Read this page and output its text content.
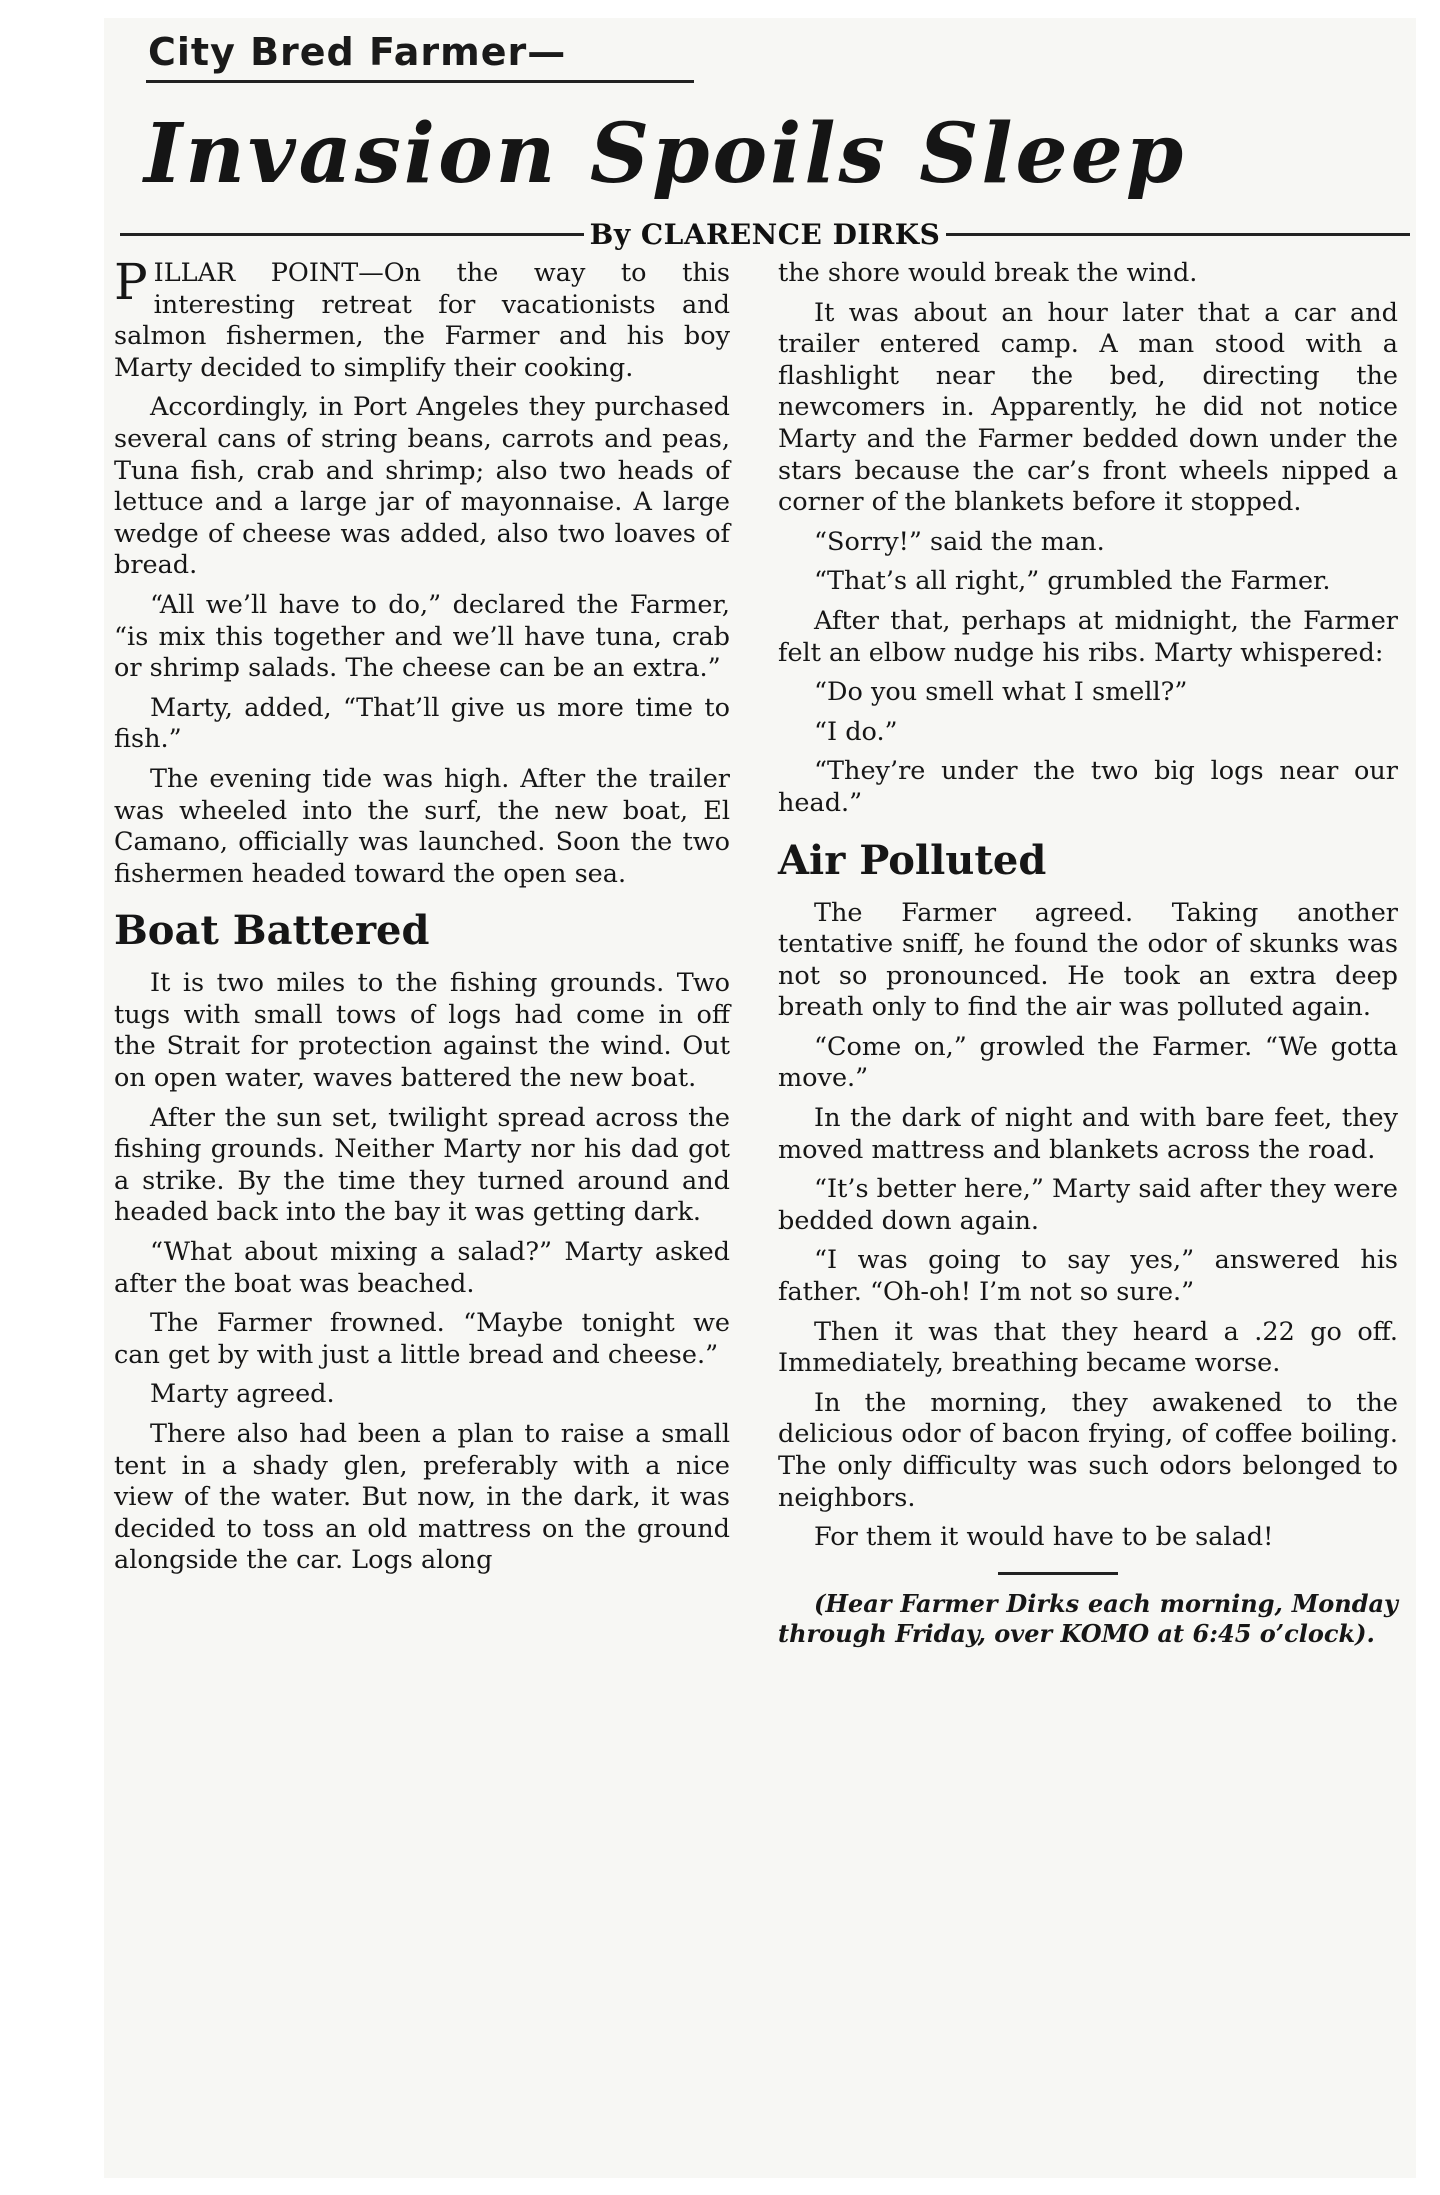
City Bred Farmer—
Invasion Spoils Sleep
By CLARENCE DIRKS

PILLAR POINT—On the way to this interesting retreat for vacationists and salmon fishermen, the Farmer and his boy Marty decided to simplify their cooking.

Accordingly, in Port Angeles they purchased several cans of string beans, carrots and peas, Tuna fish, crab and shrimp; also two heads of lettuce and a large jar of mayonnaise. A large wedge of cheese was added, also two loaves of bread.

“All we’ll have to do,” declared the Farmer, “is mix this together and we’ll have tuna, crab or shrimp salads. The cheese can be an extra.”

Marty, added, “That’ll give us more time to fish.”

The evening tide was high. After the trailer was wheeled into the surf, the new boat, El Camano, officially was launched. Soon the two fishermen headed toward the open sea.

Boat Battered

It is two miles to the fishing grounds. Two tugs with small tows of logs had come in off the Strait for protection against the wind. Out on open water, waves battered the new boat.

After the sun set, twilight spread across the fishing grounds. Neither Marty nor his dad got a strike. By the time they turned around and headed back into the bay it was getting dark.

“What about mixing a salad?” Marty asked after the boat was beached.

The Farmer frowned. “Maybe tonight we can get by with just a little bread and cheese.”

Marty agreed.

There also had been a plan to raise a small tent in a shady glen, preferably with a nice view of the water. But now, in the dark, it was decided to toss an old mattress on the ground alongside the car. Logs along

the shore would break the wind.

It was about an hour later that a car and trailer entered camp. A man stood with a flashlight near the bed, directing the newcomers in. Apparently, he did not notice Marty and the Farmer bedded down under the stars because the car’s front wheels nipped a corner of the blankets before it stopped.

“Sorry!” said the man.

“That’s all right,” grumbled the Farmer.

After that, perhaps at midnight, the Farmer felt an elbow nudge his ribs. Marty whispered:

“Do you smell what I smell?”

“I do.”

“They’re under the two big logs near our head.”

Air Polluted

The Farmer agreed. Taking another tentative sniff, he found the odor of skunks was not so pronounced. He took an extra deep breath only to find the air was polluted again.

“Come on,” growled the Farmer. “We gotta move.”

In the dark of night and with bare feet, they moved mattress and blankets across the road.

“It’s better here,” Marty said after they were bedded down again.

“I was going to say yes,” answered his father. “Oh-oh! I’m not so sure.”

Then it was that they heard a .22 go off. Immediately, breathing became worse.

In the morning, they awakened to the delicious odor of bacon frying, of coffee boiling. The only difficulty was such odors belonged to neighbors.

For them it would have to be salad!

(Hear Farmer Dirks each morning, Monday through Friday, over KOMO at 6:45 o’clock).
